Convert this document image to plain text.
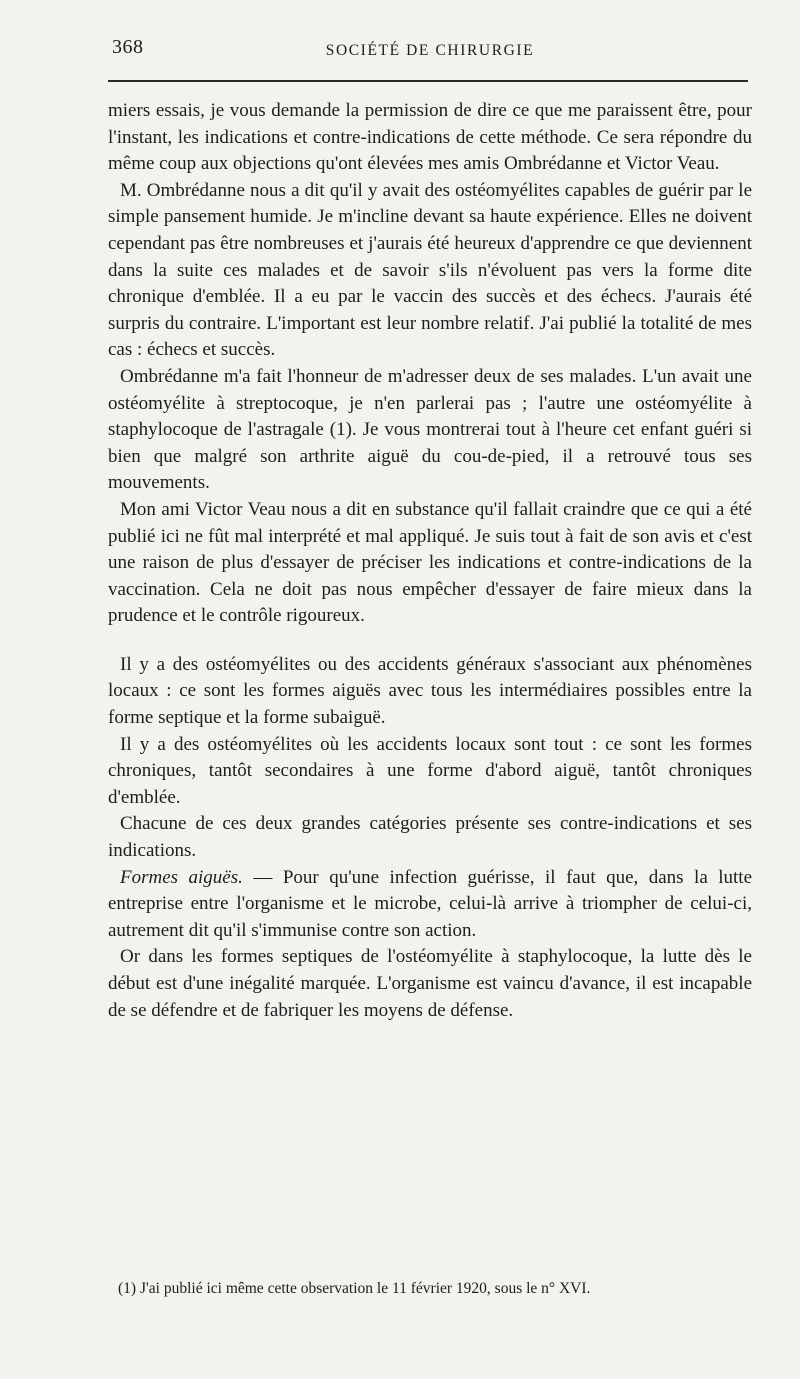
368	SOCIÉTÉ DE CHIRURGIE

miers essais, je vous demande la permission de dire ce que me paraissent être, pour l'instant, les indications et contre-indications de cette méthode. Ce sera répondre du même coup aux objections qu'ont élevées mes amis Ombrédanne et Victor Veau.

M. Ombrédanne nous a dit qu'il y avait des ostéomyélites capables de guérir par le simple pansement humide. Je m'incline devant sa haute expérience. Elles ne doivent cependant pas être nombreuses et j'aurais été heureux d'apprendre ce que deviennent dans la suite ces malades et de savoir s'ils n'évoluent pas vers la forme dite chronique d'emblée. Il a eu par le vaccin des succès et des échecs. J'aurais été surpris du contraire. L'important est leur nombre relatif. J'ai publié la totalité de mes cas : échecs et succès.

Ombrédanne m'a fait l'honneur de m'adresser deux de ses malades. L'un avait une ostéomyélite à streptocoque, je n'en parlerai pas ; l'autre une ostéomyélite à staphylocoque de l'astragale (1). Je vous montrerai tout à l'heure cet enfant guéri si bien que malgré son arthrite aiguë du cou-de-pied, il a retrouvé tous ses mouvements.

Mon ami Victor Veau nous a dit en substance qu'il fallait craindre que ce qui a été publié ici ne fût mal interprété et mal appliqué. Je suis tout à fait de son avis et c'est une raison de plus d'essayer de préciser les indications et contre-indications de la vaccination. Cela ne doit pas nous empêcher d'essayer de faire mieux dans la prudence et le contrôle rigoureux.

Il y a des ostéomyélites ou des accidents généraux s'associant aux phénomènes locaux : ce sont les formes aiguës avec tous les intermédiaires possibles entre la forme septique et la forme subaiguë.

Il y a des ostéomyélites où les accidents locaux sont tout : ce sont les formes chroniques, tantôt secondaires à une forme d'abord aiguë, tantôt chroniques d'emblée.

Chacune de ces deux grandes catégories présente ses contre-indications et ses indications.

Formes aiguës. — Pour qu'une infection guérisse, il faut que, dans la lutte entreprise entre l'organisme et le microbe, celui-là arrive à triompher de celui-ci, autrement dit qu'il s'immunise contre son action.

Or dans les formes septiques de l'ostéomyélite à staphylocoque, la lutte dès le début est d'une inégalité marquée. L'organisme est vaincu d'avance, il est incapable de se défendre et de fabriquer les moyens de défense.

(1) J'ai publié ici même cette observation le 11 février 1920, sous le n° XVI.
